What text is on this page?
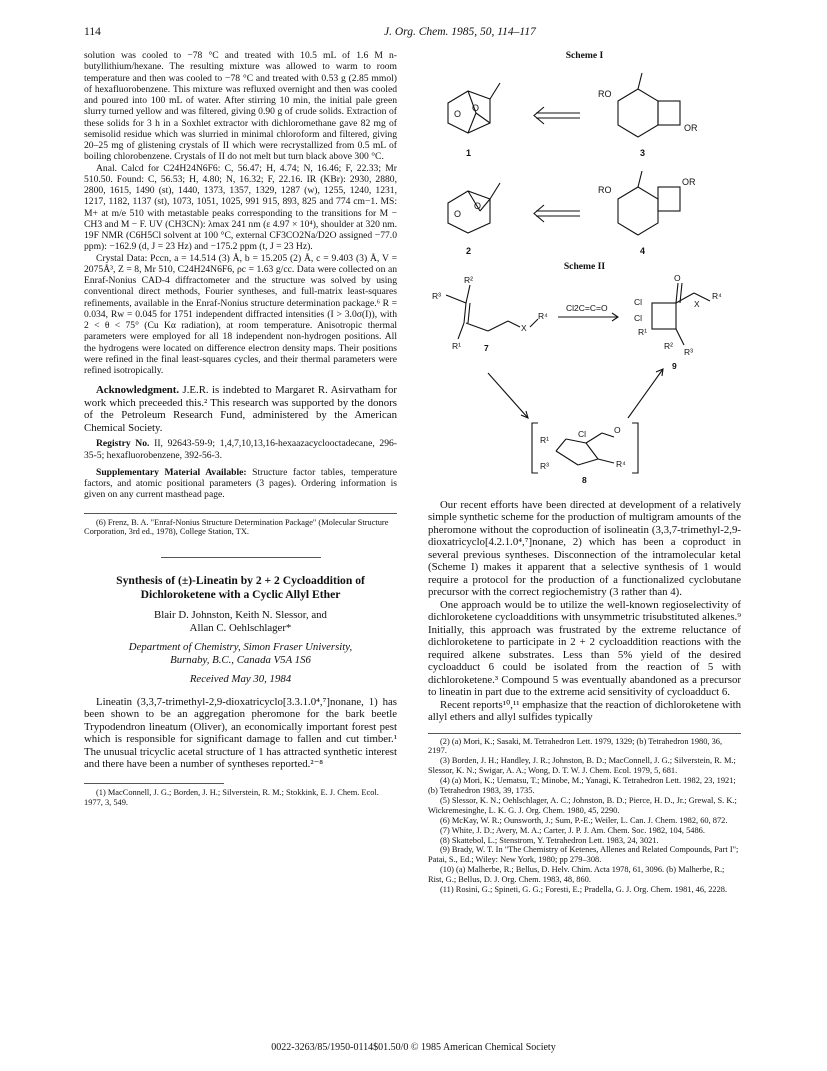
114	J. Org. Chem. 1985, 50, 114–117

solution was cooled to −78 °C and treated with 10.5 mL of 1.6 M n-butyllithium/hexane. The resulting mixture was allowed to warm to room temperature and then was cooled to −78 °C and treated with 0.53 g (2.85 mmol) of hexafluorobenzene. This mixture was refluxed overnight and then was cooled and poured into 100 mL of water. After stirring 10 min, the initial pale green slurry turned yellow and was filtered, giving 0.90 g of crude solids. Extraction of these solids for 3 h in a Soxhlet extractor with dichloromethane gave 82 mg of semisolid residue which was slurried in minimal chloroform and filtered, giving 20–25 mg of glistening crystals of II which were recrystallized from 0.5 mL of boiling chlorobenzene. Crystals of II do not melt but turn black above 300 °C.

Anal. Calcd for C24H24N6F6: C, 56.47; H, 4.74; N, 16.46; F, 22.33; Mr 510.50. Found: C, 56.53; H, 4.80; N, 16.32; F, 22.16. IR (KBr): 2930, 2880, 2800, 1615, 1490 (st), 1440, 1373, 1357, 1329, 1287 (w), 1255, 1240, 1231, 1217, 1182, 1137 (st), 1073, 1051, 1025, 991 915, 893, 825 and 774 cm−1. MS: M+ at m/e 510 with metastable peaks corresponding to the transitions for M − CH3 and M − F. UV (CH3CN): λmax 241 nm (ε 4.97 × 10⁴), shoulder at 320 nm. 19F NMR (C6H5Cl solvent at 100 °C, external CF3CO2Na/D2O assigned −77.0 ppm): −162.9 (d, J = 23 Hz) and −175.2 ppm (t, J = 23 Hz).

Crystal Data: Pccn, a = 14.514 (3) Å, b = 15.205 (2) Å, c = 9.403 (3) Å, V = 2075Å³, Z = 8, Mr 510, C24H24N6F6, ρc = 1.63 g/cc. Data were collected on an Enraf-Nonius CAD-4 diffractometer and the structure was solved by using conventional direct methods, Fourier syntheses, and full-matrix least-squares refinements, available in the Enraf-Nonius structure determination package.⁶ R = 0.034, Rw = 0.045 for 1751 independent diffracted intensities (I > 3.0σ(I)), with 2 < θ < 75° (Cu Kα radiation), at room temperature. Anisotropic thermal parameters were employed for all 18 independent non-hydrogen positions. All the hydrogens were located on difference electron density maps. Their positions were refined in the final least-squares cycles, and their thermal parameters were refined isotropically.

Acknowledgment. J.E.R. is indebted to Margaret R. Asirvatham for work which preceeded this.² This research was supported by the donors of the Petroleum Research Fund, administered by the American Chemical Society.

Registry No. II, 92643-59-9; 1,4,7,10,13,16-hexaazacyclooctadecane, 296-35-5; hexafluorobenzene, 392-56-3.

Supplementary Material Available: Structure factor tables, temperature factors, and atomic positional parameters (3 pages). Ordering information is given on any current masthead page.

(6) Frenz, B. A. "Enraf-Nonius Structure Determination Package" (Molecular Structure Corporation, 3rd ed., 1978), College Station, TX.

Synthesis of (±)-Lineatin by 2 + 2 Cycloaddition of Dichloroketene with a Cyclic Allyl Ether

Blair D. Johnston, Keith N. Slessor, and

Allan C. Oehlschlager*

Department of Chemistry, Simon Fraser University,

Burnaby, B.C., Canada V5A 1S6

Received May 30, 1984

Lineatin (3,3,7-trimethyl-2,9-dioxatricyclo[3.3.1.0⁴,⁷]nonane, 1) has been shown to be an aggregation pheromone for the bark beetle Trypodendron lineatum (Oliver), an economically important forest pest which is responsible for significant damage to fallen and cut timber.¹ The unusual tricyclic acetal structure of 1 has attracted synthetic interest and there have been a number of syntheses reported.²⁻⁸

(1) MacConnell, J. G.; Borden, J. H.; Silverstein, R. M.; Stokkink, E. J. Chem. Ecol. 1977, 3, 549.

Scheme I

O
O
1
RO
OR
3
O
O
2
RO
OR
4

Scheme II

R²
R³
R¹
X
R⁴
7
Cl2C=C=O
Cl
Cl
O
X
R⁴
R¹
R²
R³
9
R¹
Cl	O
R³	R⁴
8

Our recent efforts have been directed at development of a relatively simple synthetic scheme for the production of multigram amounts of the pheromone without the coproduction of isolineatin (3,3,7-trimethyl-2,9-dioxatricyclo[4.2.1.0⁴,⁷]nonane, 2) which has been a coproduct in several previous syntheses. Disconnection of the intramolecular ketal (Scheme I) makes it apparent that a selective synthesis of 1 would require a protocol for the production of a functionalized cyclobutane precursor with the correct regiochemistry (3 rather than 4).

One approach would be to utilize the well-known regioselectivity of dichloroketene cycloadditions with unsymmetric trisubstituted alkenes.⁹ Initially, this approach was frustrated by the extreme reluctance of dichloroketene to participate in 2 + 2 cycloaddition reactions with the required alkene substrates. Less than 5% yield of the desired cycloadduct 6 could be isolated from the reaction of 5 with dichloroketene.³ Compound 5 was eventually abandoned as a precursor to lineatin in part due to the extreme acid sensitivity of cycloadduct 6.

Recent reports¹⁰,¹¹ emphasize that the reaction of dichloroketene with allyl ethers and allyl sulfides typically

(2) (a) Mori, K.; Sasaki, M. Tetrahedron Lett. 1979, 1329; (b) Tetrahedron 1980, 36, 2197.

(3) Borden, J. H.; Handley, J. R.; Johnston, B. D.; MacConnell, J. G.; Silverstein, R. M.; Slessor, K. N.; Swigar, A. A.; Wong, D. T. W. J. Chem. Ecol. 1979, 5, 681.

(4) (a) Mori, K.; Uematsu, T.; Minobe, M.; Yanagi, K. Tetrahedron Lett. 1982, 23, 1921; (b) Tetrahedron 1983, 39, 1735.

(5) Slessor, K. N.; Oehlschlager, A. C.; Johnston, B. D.; Pierce, H. D., Jr.; Grewal, S. K.; Wickremesinghe, L. K. G. J. Org. Chem. 1980, 45, 2290.

(6) McKay, W. R.; Ounsworth, J.; Sum, P.-E.; Weiler, L. Can. J. Chem. 1982, 60, 872.

(7) White, J. D.; Avery, M. A.; Carter, J. P. J. Am. Chem. Soc. 1982, 104, 5486.

(8) Skattebol, L.; Stenstrom, Y. Tetrahedron Lett. 1983, 24, 3021.

(9) Brady, W. T. In "The Chemistry of Ketenes, Allenes and Related Compounds, Part I"; Patai, S., Ed.; Wiley: New York, 1980; pp 279–308.

(10) (a) Malherbe, R.; Bellus, D. Helv. Chim. Acta 1978, 61, 3096. (b) Malherbe, R.; Rist, G.; Bellus, D. J. Org. Chem. 1983, 48, 860.

(11) Rosini, G.; Spineti, G. G.; Foresti, E.; Pradella, G. J. Org. Chem. 1981, 46, 2228.

0022-3263/85/1950-0114$01.50/0 © 1985 American Chemical Society
